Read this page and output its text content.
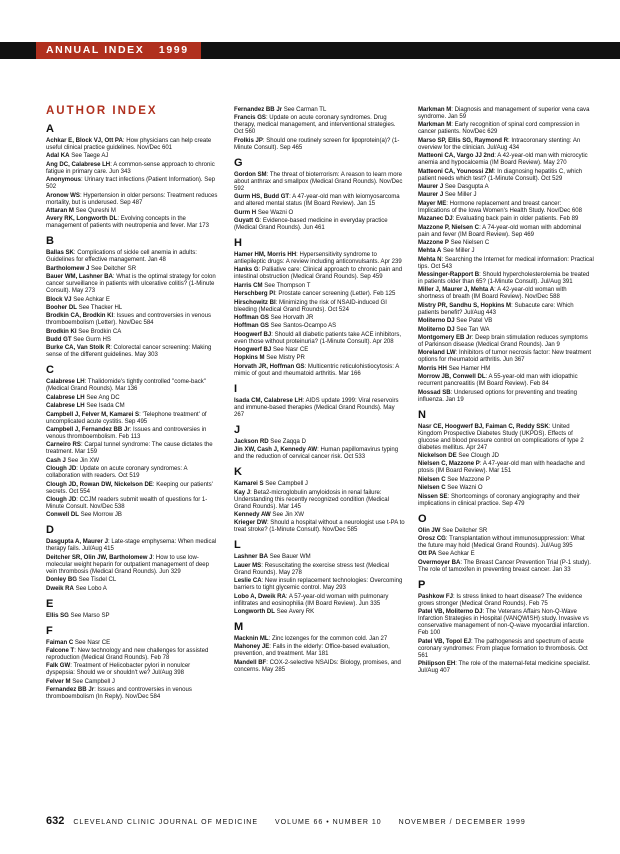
ANNUAL INDEX 1999
AUTHOR INDEX
A
Achkar E, Block VJ, Ott PA: How physicians can help create useful clinical practice guidelines. Nov/Dec 601
Adal KA See Taege AJ
Ang DC, Calabrese LH: A common-sense approach to chronic fatigue in primary care. Jun 343
Anonymous: Urinary tract infections (Patient Information). Sep 502
Aronow WS: Hypertension in older persons: Treatment reduces mortality, but is underused. Sep 487
Attaran M See Qureshi M
Avery RK, Longworth DL: Evolving concepts in the management of patients with neutropenia and fever. Mar 173
B
Ballas SK: Complications of sickle cell anemia in adults: Guidelines for effective management. Jan 48
Bartholomew J See Deitcher SR
Bauer WM, Lashner BA: What is the optimal strategy for colon cancer surveillance in patients with ulcerative colitis? (1-Minute Consult). May 273
Block VJ See Achkar E
Booher DL See Thacker HL
Brodkin CA, Brodkin KI: Issues and controversies in venous thromboembolism (Letter). Nov/Dec 584
Brodkin KI See Brodkin CA
Budd GT See Gurm HS
Burke CA, Van Stolk R: Colorectal cancer screening: Making sense of the different guidelines. May 303
C
Calabrese LH: Thalidomide's tightly controlled "come-back" (Medical Grand Rounds). Mar 136
Calabrese LH See Ang DC
Calabrese LH See Isada CM
Campbell J, Felver M, Kamarei S: 'Telephone treatment' of uncomplicated acute cystitis. Sep 495
Campbell J, Fernandez BB Jr: Issues and controversies in venous thromboembolism. Feb 113
Carneiro RS: Carpal tunnel syndrome: The cause dictates the treatment. Mar 159
Cash J See Jin XW
Clough JD: Update on acute coronary syndromes: A collaboration with readers. Oct 519
Clough JD, Rowan DW, Nickelson DE: Keeping our patients' secrets. Oct 554
Clough JD: CCJM readers submit wealth of questions for 1-Minute Consult. Nov/Dec 538
Conwell DL See Morrow JB
D
Dasgupta A, Maurer J: Late-stage emphysema: When medical therapy fails. Jul/Aug 415
Deitcher SR, Olin JW, Bartholomew J: How to use low-molecular weight heparin for outpatient management of deep vein thrombosis (Medical Grand Rounds). Jun 329
Donley BG See Tisdel CL
Dweik RA See Lobo A
E
Ellis SG See Marso SP
F
Faiman C See Nasr CE
Falcone T: New technology and new challenges for assisted reproduction (Medical Grand Rounds). Feb 78
Falk GW: Treatment of Helicobacter pylori in nonulcer dyspepsia: Should we or shouldn't we? Jul/Aug 398
Felver M See Campbell J
Fernandez BB Jr: Issues and controversies in venous thromboembolism (In Reply). Nov/Dec 584
Fernandez BB Jr See Carman TL
Francis GS: Update on acute coronary syndromes. Drug therapy, medical management, and interventional strategies. Oct 560
Frolkis JP: Should one routinely screen for lipoprotein(a)? (1-Minute Consult). Sep 465
G
Gordon SM: The threat of bioterrorism: A reason to learn more about anthrax and smallpox (Medical Grand Rounds). Nov/Dec 592
Gurm HS, Budd GT: A 47-year-old man with leiomyosarcoma and altered mental status (IM Board Review). Jan 15
Gurm H See Wazni O
Guyatt G: Evidence-based medicine in everyday practice (Medical Grand Rounds). Jun 461
H
Hamer HM, Morris HH: Hypersensitivity syndrome to antiepileptic drugs: A review including anticonvulsants. Apr 239
Hanks G: Palliative care: Clinical approach to chronic pain and intestinal obstruction (Medical Grand Rounds). Sep 459
Harris CM See Thompson T
Herschberg PI: Prostate cancer screening (Letter). Feb 125
Hirschowitz BI: Minimizing the risk of NSAID-induced GI bleeding (Medical Grand Rounds). Oct 524
Hoffman GS See Horvath JR
Hoffman GS See Santos-Ocampo AS
Hoogwerf BJ: Should all diabetic patients take ACE inhibitors, even those without proteinuria? (1-Minute Consult). Apr 208
Hoogwerf BJ See Nasr CE
Hopkins M See Mistry PR
Horvath JR, Hoffman GS: Multicentric reticulohistiocytosis: A mimic of gout and rheumatoid arthritis. Mar 166
I
Isada CM, Calabrese LH: AIDS update 1999: Viral reservoirs and immune-based therapies (Medical Grand Rounds). May 267
J
Jackson RD See Zaqqa D
Jin XW, Cash J, Kennedy AW: Human papillomavirus typing and the reduction of cervical cancer risk. Oct 533
K
Kamarei S See Campbell J
Kay J: Beta2-microglobulin amyloidosis in renal failure: Understanding this recently recognized condition (Medical Grand Rounds). Mar 145
Kennedy AW See Jin XW
Krieger DW: Should a hospital without a neurologist use t-PA to treat stroke? (1-Minute Consult). Nov/Dec 585
L
Lashner BA See Bauer WM
Lauer MS: Resuscitating the exercise stress test (Medical Grand Rounds). May 278
Leslie CA: New insulin replacement technologies: Overcoming barriers to tight glycemic control. May 293
Lobo A, Dweik RA: A 57-year-old woman with pulmonary infiltrates and eosinophilia (IM Board Review). Jun 335
Longworth DL See Avery RK
M
Macknin ML: Zinc lozenges for the common cold. Jan 27
Mahoney JE: Falls in the elderly: Office-based evaluation, prevention, and treatment. Mar 181
Mandell BF: COX-2-selective NSAIDs: Biology, promises, and concerns. May 285
Markman M: Diagnosis and management of superior vena cava syndrome. Jan 59
Markman M: Early recognition of spinal cord compression in cancer patients. Nov/Dec 629
Marso SP, Ellis SG, Raymond R: Intracoronary stenting: An overview for the clinician. Jul/Aug 434
Matteoni CA, Vargo JJ 2nd: A 42-year-old man with microcytic anemia and hypocalcemia (IM Board Review). May 270
Matteoni CA, Younossi ZM: In diagnosing hepatitis C, which patient needs which test? (1-Minute Consult). Oct 529
Maurer J See Dasgupta A
Maurer J See Miller J
Mayer ME: Hormone replacement and breast cancer: Implications of the Iowa Women's Health Study. Nov/Dec 608
Mazanec DJ: Evaluating back pain in older patients. Feb 89
Mazzone P, Nielsen C: A 74-year-old woman with abdominal pain and fever (IM Board Review). Sep 469
Mazzone P See Nielsen C
Mehta A See Miller J
Mehta N: Searching the Internet for medical information: Practical tips. Oct 543
Messinger-Rapport B: Should hypercholesterolemia be treated in patients older than 65? (1-Minute Consult). Jul/Aug 391
Miller J, Maurer J, Mehta A: A 42-year-old woman with shortness of breath (IM Board Review). Nov/Dec 588
Mistry PR, Sandhu S, Hopkins M: Subacute care: Which patients benefit? Jul/Aug 443
Moliterno DJ See Patel VB
Moliterno DJ See Tan WA
Montgomery EB Jr: Deep brain stimulation reduces symptoms of Parkinson disease (Medical Grand Rounds). Jan 9
Moreland LW: Inhibitors of tumor necrosis factor: New treatment options for rheumatoid arthritis. Jun 367
Morris HH See Hamer HM
Morrow JB, Conwell DL: A 55-year-old man with idiopathic recurrent pancreatitis (IM Board Review). Feb 84
Mossad SB: Underused options for preventing and treating influenza. Jan 19
N
Nasr CE, Hoogwerf BJ, Faiman C, Reddy SSK: United Kingdom Prospective Diabetes Study (UKPDS). Effects of glucose and blood pressure control on complications of type 2 diabetes mellitus. Apr 247
Nickelson DE See Clough JD
Nielsen C, Mazzone P: A 47-year-old man with headache and ptosis (IM Board Review). Mar 151
Nielsen C See Mazzone P
Nielsen C See Wazni O
Nissen SE: Shortcomings of coronary angiography and their implications in clinical practice. Sep 479
O
Olin JW See Deitcher SR
Orosz CG: Transplantation without immunosuppression: What the future may hold (Medical Grand Rounds). Jul/Aug 395
Ott PA See Achkar E
Overmoyer BA: The Breast Cancer Prevention Trial (P-1 study). The role of tamoxifen in preventing breast cancer. Jan 33
P
Pashkow FJ: Is stress linked to heart disease? The evidence grows stronger (Medical Grand Rounds). Feb 75
Patel VB, Moliterno DJ: The Veterans Affairs Non-Q-Wave Infarction Strategies in Hospital (VANQWISH) study. Invasive vs conservative management of non-Q-wave myocardial infarction. Feb 100
Patel VB, Topol EJ: The pathogenesis and spectrum of acute coronary syndromes: From plaque formation to thrombosis. Oct 561
Philipson EH: The role of the maternal-fetal medicine specialist. Jul/Aug 407
632 CLEVELAND CLINIC JOURNAL OF MEDICINE VOLUME 66 • NUMBER 10 NOVEMBER / DECEMBER 1999
